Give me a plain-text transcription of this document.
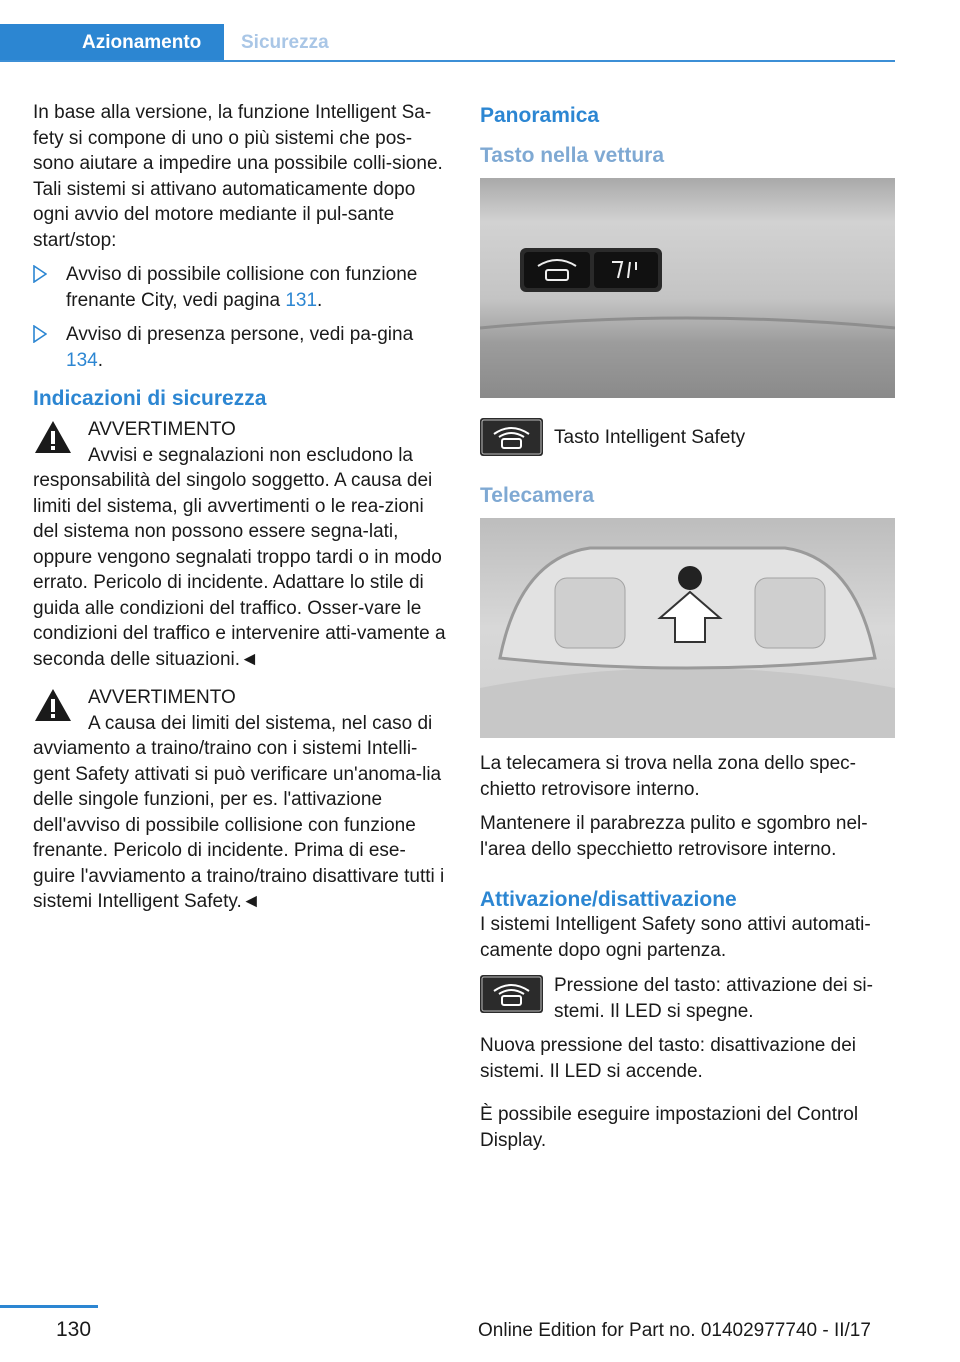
Azionamento	Sicurezza

In base alla versione, la funzione Intelligent Sa-fety si compone di uno o più sistemi che pos-sono aiutare a impedire una possibile colli-sione. Tali sistemi si attivano automaticamente dopo ogni avvio del motore mediante il pul-sante start/stop:

Avviso di possibile collisione con funzione frenante City, vedi pagina 131.
Avviso di presenza persone, vedi pa-gina 134.
Indicazioni di sicurezza
AVVERTIMENTO

Avvisi e segnalazioni non escludono la responsabilità del singolo soggetto. A causa dei limiti del sistema, gli avvertimenti o le rea-zioni del sistema non possono essere segna-lati, oppure vengono segnalati troppo tardi o in modo errato. Pericolo di incidente. Adattare lo stile di guida alle condizioni del traffico. Osser-vare le condizioni del traffico e intervenire atti-vamente a seconda delle situazioni.◄

AVVERTIMENTO

A causa dei limiti del sistema, nel caso di avviamento a traino/traino con i sistemi Intelli-gent Safety attivati si può verificare un'anoma-lia delle singole funzioni, per es. l'attivazione dell'avviso di possibile collisione con funzione frenante. Pericolo di incidente. Prima di ese-guire l'avviamento a traino/traino disattivare tutti i sistemi Intelligent Safety.◄

Panoramica
Tasto nella vettura

Tasto Intelligent Safety

Telecamera

La telecamera si trova nella zona dello spec-chietto retrovisore interno.

Mantenere il parabrezza pulito e sgombro nel-l'area dello specchietto retrovisore interno.

Attivazione/disattivazione

I sistemi Intelligent Safety sono attivi automati-camente dopo ogni partenza.

Pressione del tasto: attivazione dei si-stemi. Il LED si spegne.

Nuova pressione del tasto: disattivazione dei sistemi. Il LED si accende.

È possibile eseguire impostazioni del Control Display.

130	Online Edition for Part no. 01402977740 - II/17
